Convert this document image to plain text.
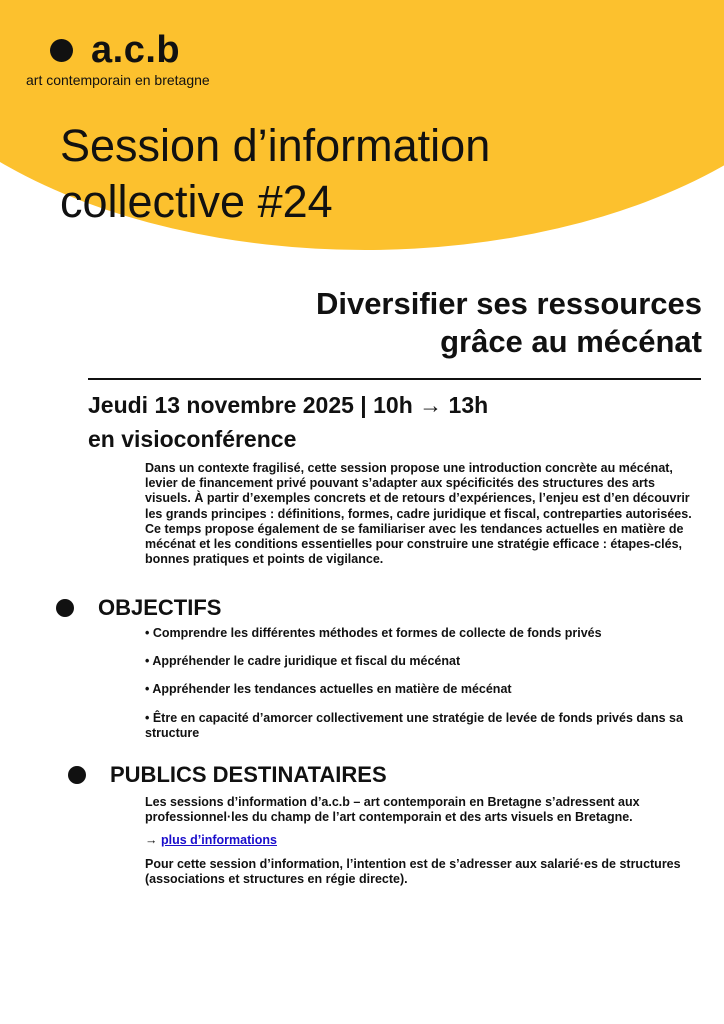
a.c.b
art contemporain en bretagne
Session d’information
collective #24
Diversifier ses ressources
grâce au mécénat
Jeudi 13 novembre 2025 | 10h → 13h
en visioconférence

Dans un contexte fragilisé, cette session propose une introduction concrète au mécénat, levier de financement privé pouvant s’adapter aux spécificités des structures des arts visuels. À partir d’exemples concrets et de retours d’expériences, l’enjeu est d’en découvrir les grands principes : définitions, formes, cadre juridique et fiscal, contreparties autorisées. Ce temps propose également de se familiariser avec les tendances actuelles en matière de mécénat et les conditions essentielles pour construire une stratégie efficace : étapes-clés, bonnes pratiques et points de vigilance.

OBJECTIFS
• Comprendre les différentes méthodes et formes de collecte de fonds privés
• Appréhender le cadre juridique et fiscal du mécénat
• Appréhender les tendances actuelles en matière de mécénat
• Être en capacité d’amorcer collectivement une stratégie de levée de fonds privés dans sa structure
PUBLICS DESTINATAIRES

Les sessions d’information d’a.c.b – art contemporain en Bretagne s’adressent aux professionnel·les du champ de l’art contemporain et des arts visuels en Bretagne.

→ plus d’informations

Pour cette session d’information, l’intention est de s’adresser aux salarié·es de structures (associations et structures en régie directe).
